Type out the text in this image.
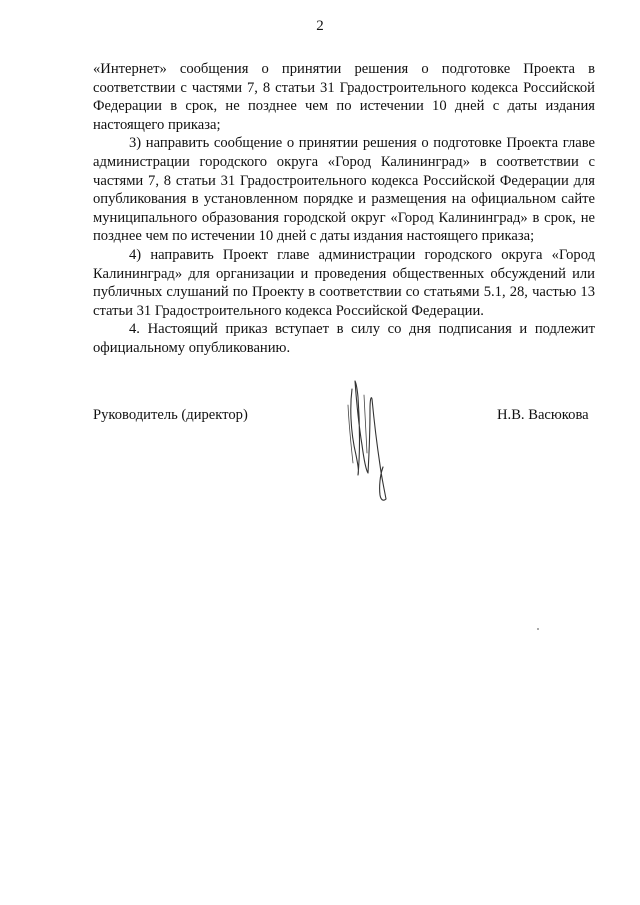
2

«Интернет» сообщения о принятии решения о подготовке Проекта в соответствии с частями 7, 8 статьи 31 Градостроительного кодекса Российской Федерации в срок, не позднее чем по истечении 10 дней с даты издания настоящего приказа;

3) направить сообщение о принятии решения о подготовке Проекта главе администрации городского округа «Город Калининград» в соответствии с частями 7, 8 статьи 31 Градостроительного кодекса Российской Федерации для опубликования в установленном порядке и размещения на официальном сайте муниципального образования городской округ «Город Калининград» в срок, не позднее чем по истечении 10 дней с даты издания настоящего приказа;

4) направить Проект главе администрации городского округа «Город Калининград» для организации и проведения общественных обсуждений или публичных слушаний по Проекту в соответствии со статьями 5.1, 28, частью 13 статьи 31 Градостроительного кодекса Российской Федерации.

4. Настоящий приказ вступает в силу со дня подписания и подлежит официальному опубликованию.

Руководитель (директор)	Н.В. Васюкова
